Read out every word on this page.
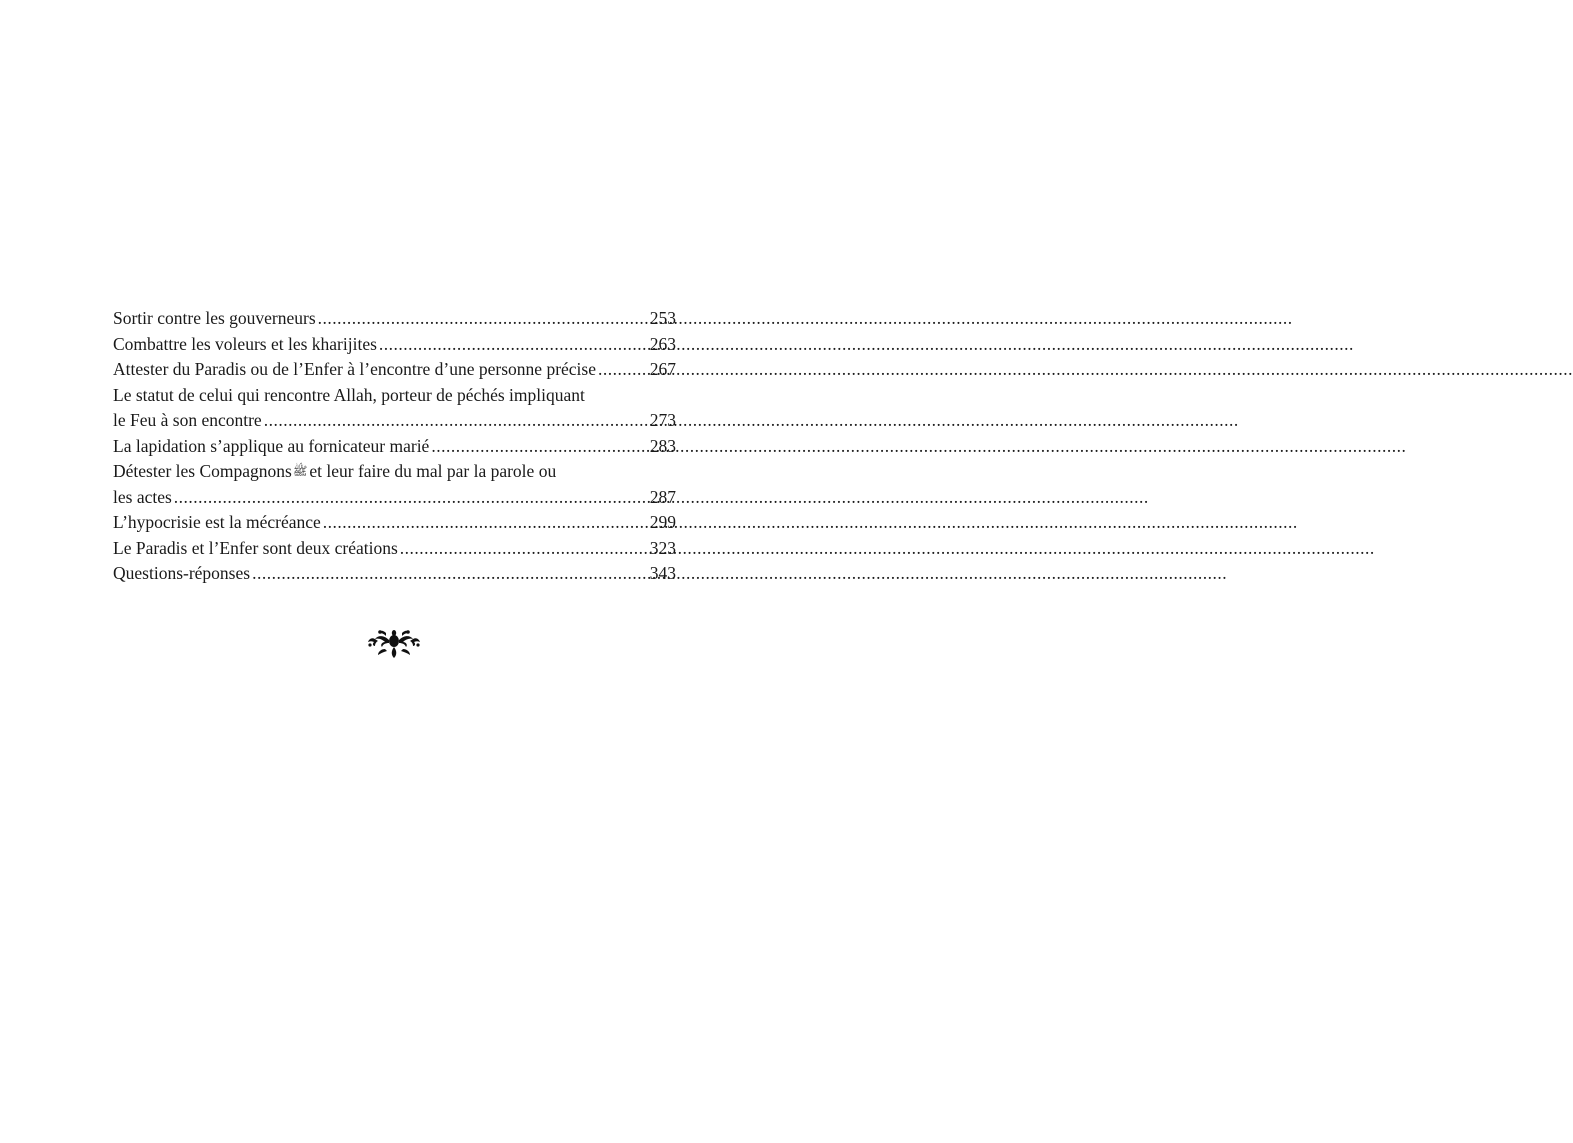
Sortir contre les gouverneurs .....	253
Combattre les voleurs et les kharijites .....	263
Attester du Paradis ou de l’Enfer à l’encontre d’une personne précise .....	267
Le statut de celui qui rencontre Allah, porteur de péchés impliquant
le Feu à son encontre .....	273
La lapidation s’applique au fornicateur marié .....	283
Détester les Compagnonsﷺ et leur faire du mal par la parole ou
les actes .....	287
L’hypocrisie est la mécréance .....	299
Le Paradis et l’Enfer sont deux créations .....	323
Questions-réponses .....	343
